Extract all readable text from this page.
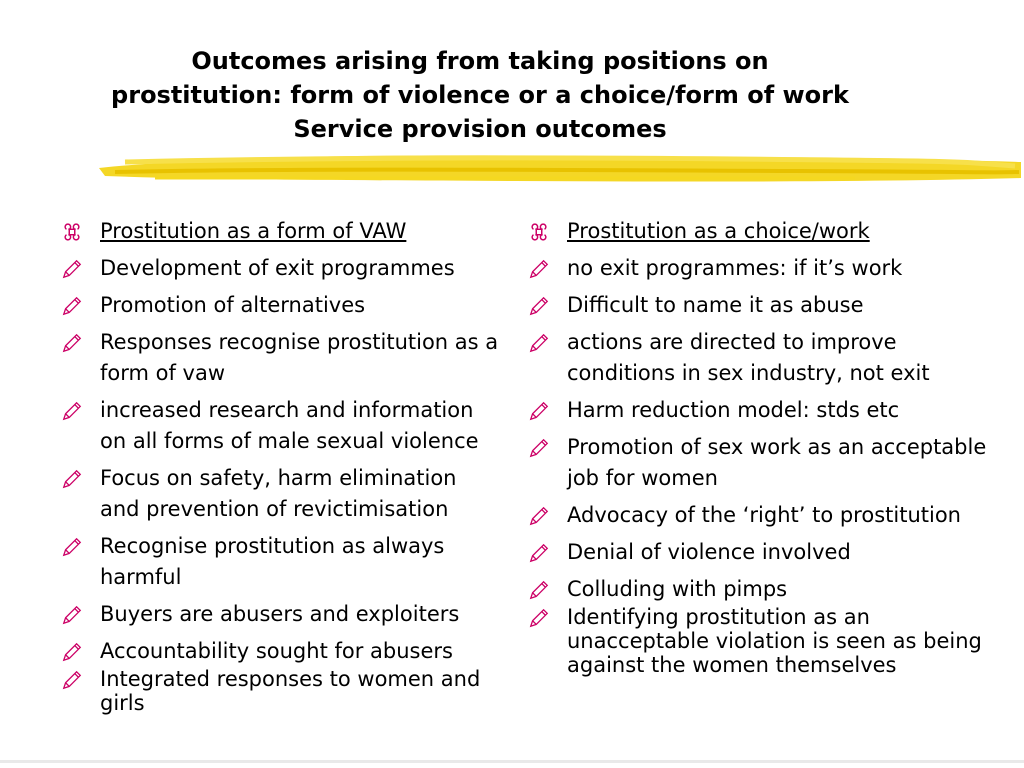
Outcomes arising from taking positions on
prostitution: form of violence or a choice/form of work
Service provision outcomes
Prostitution as a form of VAW
Development of exit programmes
Promotion of alternatives
Responses recognise prostitution as a form of vaw
increased research and information on all forms of male sexual violence
Focus on safety, harm elimination and prevention of revictimisation
Recognise prostitution as always harmful
Buyers are abusers and exploiters
Accountability sought for abusers
Integrated responses to women and girls
Prostitution as a choice/work
no exit programmes: if it’s work
Difficult to name it as abuse
actions are directed to improve conditions in sex industry, not exit
Harm reduction model: stds etc
Promotion of sex work as an acceptable job for women
Advocacy of the ‘right’ to prostitution
Denial of violence involved
Colluding with pimps
Identifying prostitution as an unacceptable violation is seen as being against the women themselves
